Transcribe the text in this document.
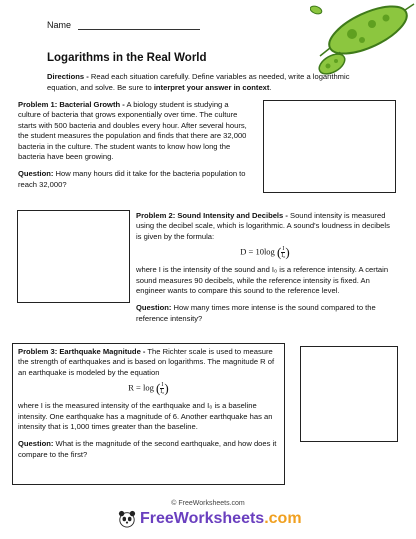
Name
Logarithms in the Real World
Directions - Read each situation carefully. Define variables as needed, write a logarithmic equation, and solve. Be sure to interpret your answer in context.

Problem 1: Bacterial Growth - A biology student is studying a culture of bacteria that grows exponentially over time. The culture starts with 500 bacteria and doubles every hour. After several hours, the student measures the population and finds that there are 32,000 bacteria in the culture. The student wants to know how long the bacteria have been growing.

Question: How many hours did it take for the bacteria population to reach 32,000?

Problem 2: Sound Intensity and Decibels - Sound intensity is measured using the decibel scale, which is logarithmic. A sound's loudness in decibels is given by the formula:

D = 10log ( $\frac{I}{\text{I₀}}$ )

where I is the intensity of the sound and I₀ is a reference intensity. A certain sound measures 90 decibels, while the reference intensity is fixed. An engineer wants to compare this sound to the reference level.

Question: How many times more intense is the sound compared to the reference intensity?

Problem 3: Earthquake Magnitude - The Richter scale is used to measure the strength of earthquakes and is based on logarithms. The magnitude R of an earthquake is modeled by the equation

R = log ( $\frac{I}{\text{I₀}}$ )

where I is the measured intensity of the earthquake and I₀ is a baseline intensity. One earthquake has a magnitude of 6. Another earthquake has an intensity that is 1,000 times greater than the baseline.

Question: What is the magnitude of the second earthquake, and how does it compare to the first?

© FreeWorksheets.com
FreeWorksheets.com
